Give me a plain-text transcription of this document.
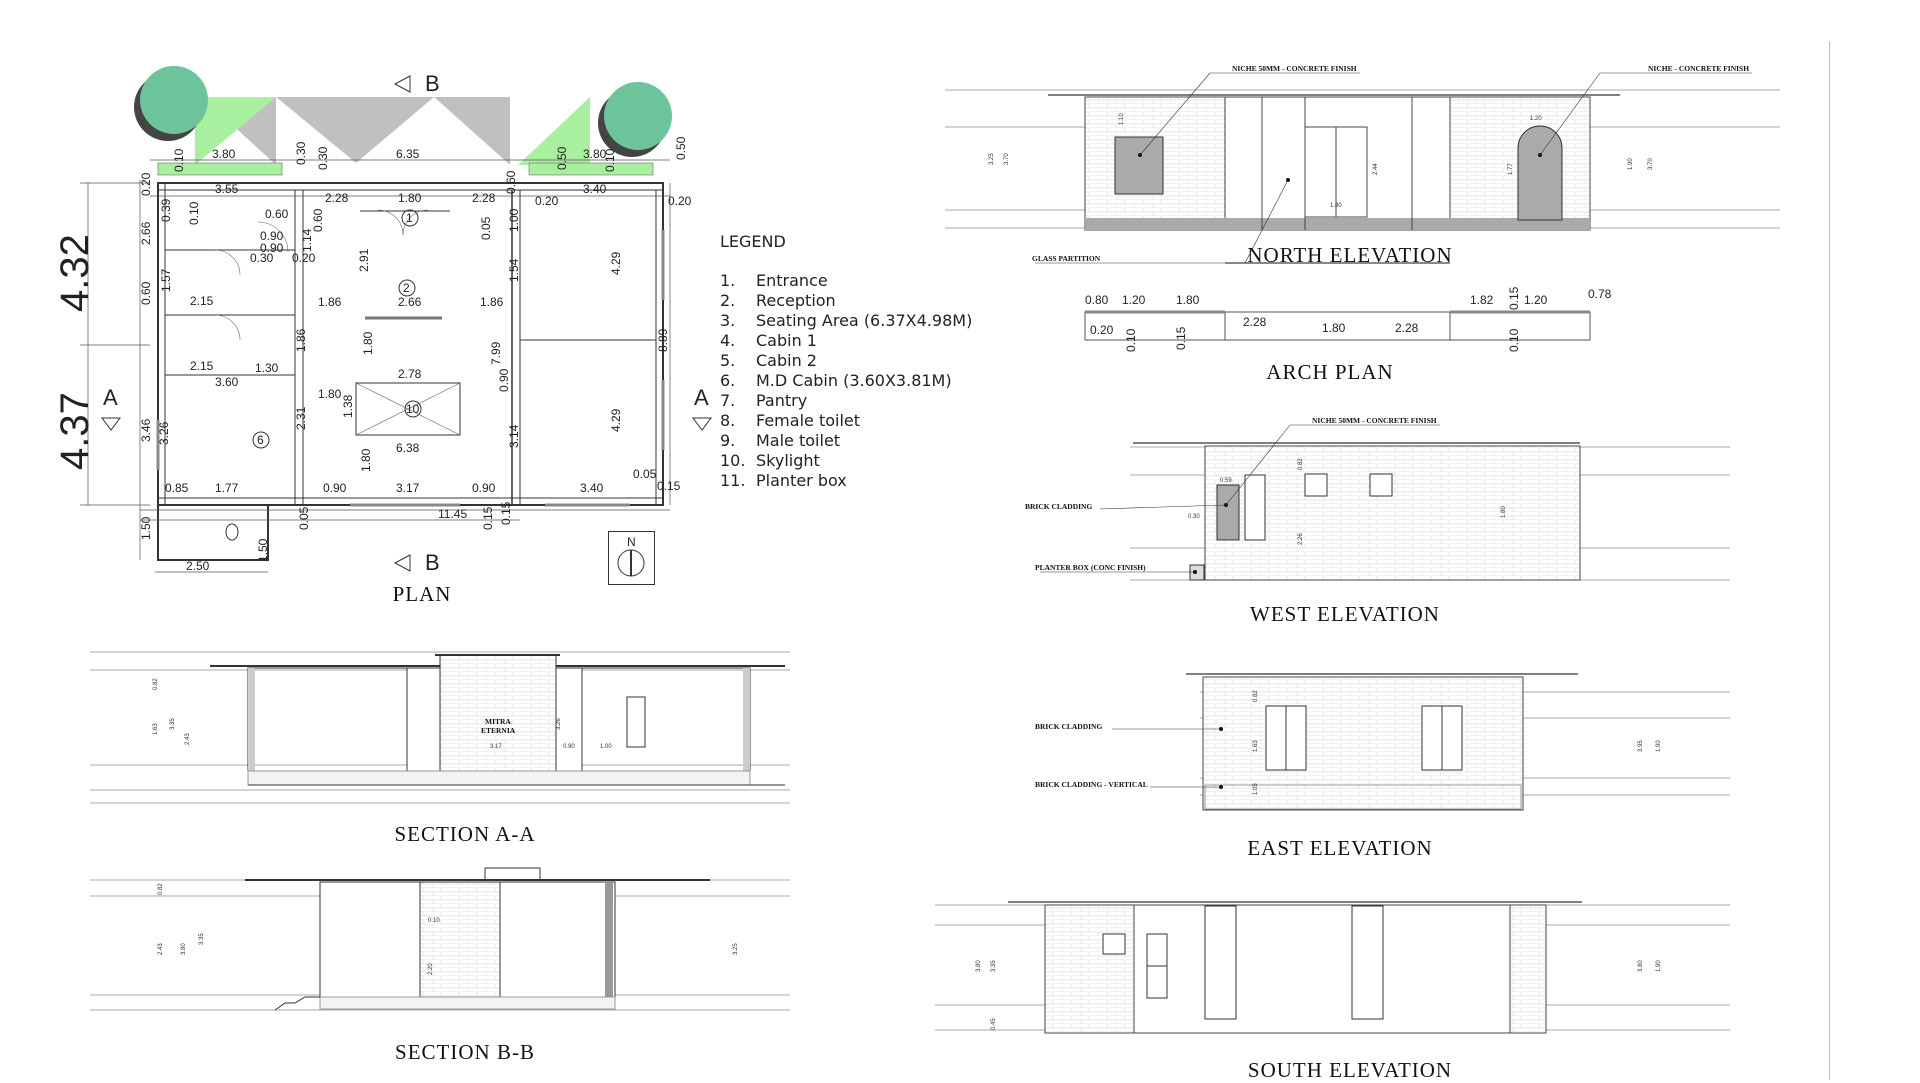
1
2
6
10
4.32
4.37
B
B
A	A
3.80	6.35	3.80
0.10	0.30 0.30	0.50	0.10
0.50
0.60
3.55
2.28	1.80	2.28
3.40
0.20	0.20
0.20
0.39 0.10	0.60
0.90
0.90
0.30 0.20
1.14
0.60	0.05 1.00
2.91	1.54	4.29
2.15	1.86	2.66	1.86
1.57
0.60
2.15	1.30
1.86	1.80
3.60
2.78
1.80
1.38
7.99
8.89
3.46 3.26
2.31
3.14
4.29
6.38
1.80
0.85 1.77	0.90	3.17	0.90	3.40
0.05
0.15
11.45
0.05	0.15 0.15
1.50
1.50
2.50
2.66
0.90
PLAN
N
LEGEND
1.	Entrance
2.	Reception
3.	Seating Area (6.37X4.98M)
4.	Cabin 1
5.	Cabin 2
6.	M.D Cabin (3.60X3.81M)
7.	Pantry
8.	Female toilet
9.	Male toilet
10. Skylight
11. Planter box
NICHE 50MM - CONCRETE FINISH	NICHE - CONCRETE FINISH
GLASS PARTITION
1.10
3.25 3.70
2.44
1.80
1.20
1.77	1.90 3.70
NORTH ELEVATION
0.80 1.20	1.80	1.82	1.20	0.78
0.15
0.20 0.10	0.15
2.28	1.80	2.28
0.10
ARCH PLAN
NICHE 50MM - CONCRETE FINISH
BRICK CLADDING
PLANTER BOX (CONC FINISH)
0.59
0.30
0.82
2.26
1.80
WEST ELEVATION
BRICK CLADDING
BRICK CLADDING - VERTICAL
0.82
1.63
1.05
3.95 1.90
EAST ELEVATION
3.80 3.35
0.45
3.80 1.90
SOUTH ELEVATION
MITRA
ETERNIA
0.82
1.63 3.35
2.43
3.17
3.26
0.90	1.00
SECTION A-A
0.82
2.43	3.80
3.35
0.10
2.20
3.25
SECTION B-B
